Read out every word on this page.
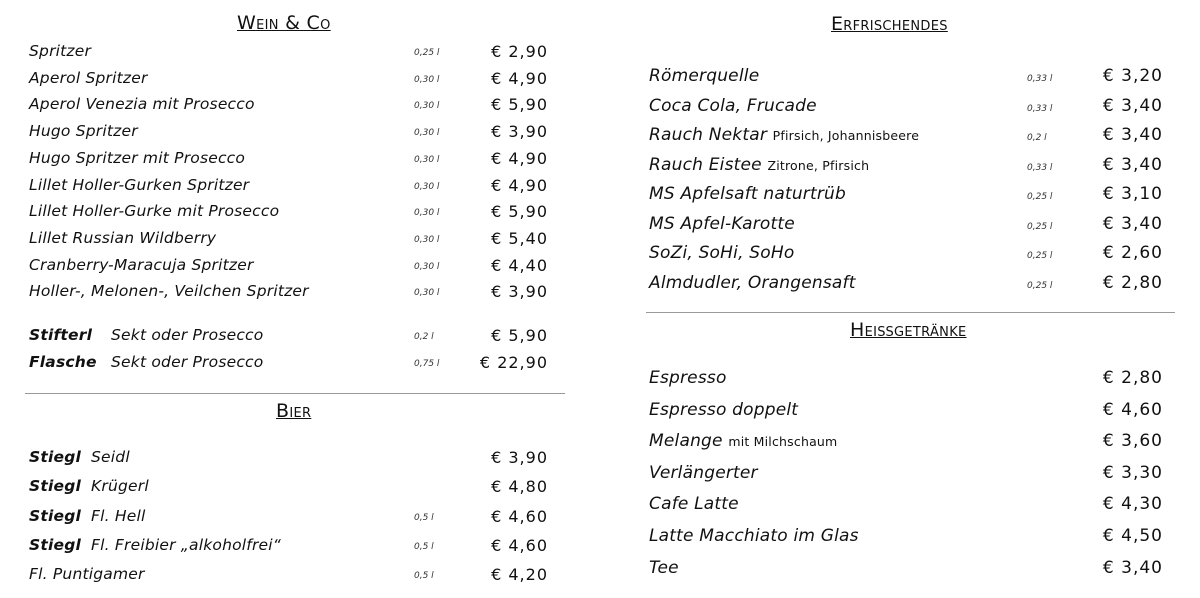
Wein & Co
Spritzer	0,25 l	€ 2,90
Aperol Spritzer	0,30 l	€ 4,90
Aperol Venezia mit Prosecco	0,30 l	€ 5,90
Hugo Spritzer	0,30 l	€ 3,90
Hugo Spritzer mit Prosecco	0,30 l	€ 4,90
Lillet Holler-Gurken Spritzer	0,30 l	€ 4,90
Lillet Holler-Gurke mit Prosecco	0,30 l	€ 5,90
Lillet Russian Wildberry	0,30 l	€ 5,40
Cranberry-Maracuja Spritzer	0,30 l	€ 4,40
Holler-, Melonen-, Veilchen Spritzer	0,30 l	€ 3,90
Stifterl Sekt oder Prosecco	0,2 l	€ 5,90
Flasche Sekt oder Prosecco	0,75 l	€ 22,90
Bier
Stiegl Seidl	€ 3,90
Stiegl Krügerl	€ 4,80
Stiegl Fl. Hell	0,5 l	€ 4,60
Stiegl Fl. Freibier „alkoholfrei“	0,5 l	€ 4,60
Fl. Puntigamer	0,5 l	€ 4,20
Erfrischendes
Römerquelle	0,33 l	€ 3,20
Coca Cola, Frucade	0,33 l	€ 3,40
Rauch Nektar Pfirsich, Johannisbeere	0,2 l	€ 3,40
Rauch Eistee Zitrone, Pfirsich	0,33 l	€ 3,40
MS Apfelsaft naturtrüb	0,25 l	€ 3,10
MS Apfel-Karotte	0,25 l	€ 3,40
SoZi, SoHi, SoHo	0,25 l	€ 2,60
Almdudler, Orangensaft	0,25 l	€ 2,80
Heißgetränke
Espresso	€ 2,80
Espresso doppelt	€ 4,60
Melange mit Milchschaum	€ 3,60
Verlängerter	€ 3,30
Cafe Latte	€ 4,30
Latte Macchiato im Glas	€ 4,50
Tee	€ 3,40
